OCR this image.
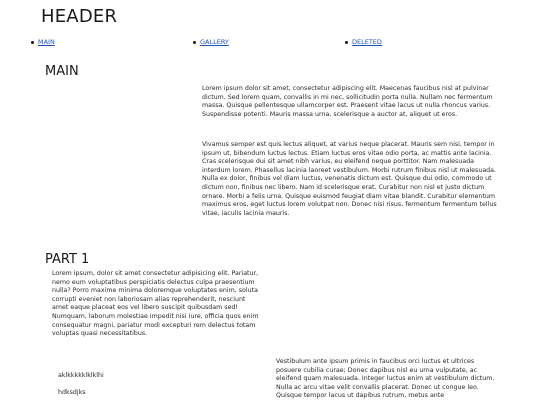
HEADER
MAIN	GALLERY	DELETED
MAIN

Lorem ipsum dolor sit amet, consectetur adipiscing elit. Maecenas faucibus nisl at pulvinar dictum. Sed lorem quam, convallis in mi nec, sollicitudin porta nulla. Nullam nec fermentum massa. Quisque pellentesque ullamcorper est. Praesent vitae lacus ut nulla rhoncus varius. Suspendisse potenti. Mauris massa urna, scelerisque a auctor at, aliquet ut eros.

Vivamus semper est quis lectus aliquet, at varius neque placerat. Mauris sem nisi, tempor in ipsum ut, bibendum luctus lectus. Etiam luctus eros vitae odio porta, ac mattis ante lacinia. Cras scelerisque dui sit amet nibh varius, eu eleifend neque porttitor. Nam malesuada interdum lorem. Phasellus lacinia laoreet vestibulum. Morbi rutrum finibus nisl ut malesuada. Nulla ex dolor, finibus vel diam luctus, venenatis dictum est. Quisque dui odio, commodo ut dictum non, finibus nec libero. Nam id scelerisque erat. Curabitur non nisl et justo dictum ornare. Morbi a felis urna. Quisque euismod feugiat diam vitae blandit. Curabitur elementum maximus eros, eget luctus lorem volutpat non. Donec nisi risus, fermentum fermentum tellus vitae, iaculis lacinia mauris.

PART 1

Lorem ipsum, dolor sit amet consectetur adipisicing elit. Pariatur, nemo eum voluptatibus perspiciatis delectus culpa praesentium nulla? Porro maxime minima doloremque voluptates enim, soluta corrupti eveniet non laboriosam alias reprehenderit, nesciunt amet eaque placeat eos vel libero suscipit quibusdam sed! Numquam, laborum molestiae impedit nisi iure, officia quos enim consequatur magni, pariatur modi excepturi rem delectus totam voluptas quasi necessitatibus.

aklkkkkklklklhi
hdksdjks

Vestibulum ante ipsum primis in faucibus orci luctus et ultrices posuere cubilia curae; Donec dapibus nisl eu urna vulputate, ac eleifend quam malesuada. Integer luctus enim at vestibulum dictum. Nulla ac arcu vitae velit convallis placerat. Donec ut congue leo. Quisque tempor lacus ut dapibus rutrum, metus ante
